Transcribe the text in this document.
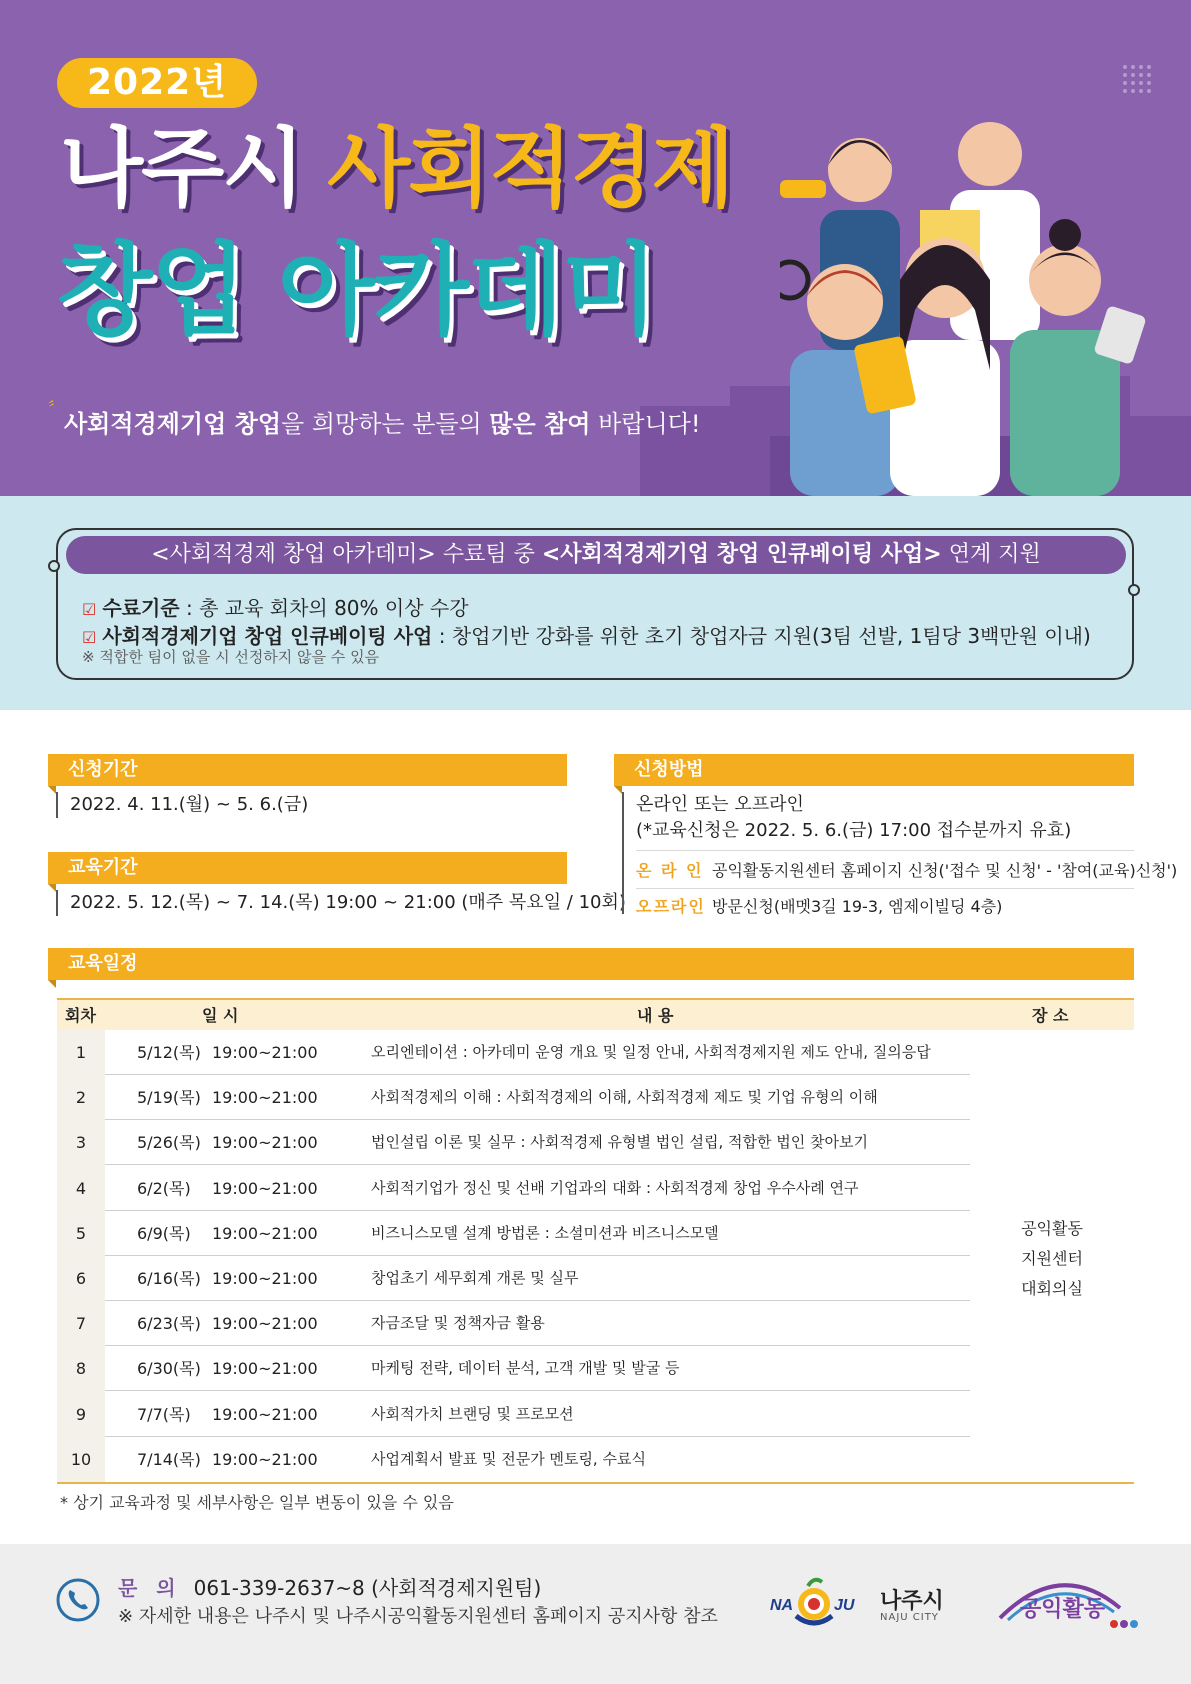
2022년
나주시 사회적경제
창업 아카데미
〞
사회적경제기업 창업을 희망하는 분들의 많은 참여 바랍니다!
<사회적경제 창업 아카데미> 수료팀 중 <사회적경제기업 창업 인큐베이팅 사업> 연계 지원
☑ 수료기준 : 총 교육 회차의 80% 이상 수강
☑ 사회적경제기업 창업 인큐베이팅 사업 : 창업기반 강화를 위한 초기 창업자금 지원(3팀 선발, 1팀당 3백만원 이내)
※ 적합한 팀이 없을 시 선정하지 않을 수 있음
신청기간
2022. 4. 11.(월) ~ 5. 6.(금)
교육기간
2022. 5. 12.(목) ~ 7. 14.(목) 19:00 ~ 21:00 (매주 목요일 / 10회)
신청방법
온라인 또는 오프라인
(*교육신청은 2022. 5. 6.(금) 17:00 접수분까지 유효)
온 라 인 공익활동지원센터 홈페이지 신청('접수 및 신청' - '참여(교육)신청')
오프라인 방문신청(배멧3길 19-3, 엠제이빌딩 4층)
교육일정
회차	일 시	내 용	장 소
1	5/12(목) 19:00~21:00	오리엔테이션 : 아카데미 운영 개요 및 일정 안내, 사회적경제지원 제도 안내, 질의응답
2	5/19(목) 19:00~21:00	사회적경제의 이해 : 사회적경제의 이해, 사회적경제 제도 및 기업 유형의 이해
3	5/26(목) 19:00~21:00	법인설립 이론 및 실무 : 사회적경제 유형별 법인 설립, 적합한 법인 찾아보기
4	6/2(목) 19:00~21:00	사회적기업가 정신 및 선배 기업과의 대화 : 사회적경제 창업 우수사례 연구
5	6/9(목) 19:00~21:00	비즈니스모델 설계 방법론 : 소셜미션과 비즈니스모델
6	6/16(목) 19:00~21:00	창업초기 세무회계 개론 및 실무
7	6/23(목) 19:00~21:00	자금조달 및 정책자금 활용
8	6/30(목) 19:00~21:00	마케팅 전략, 데이터 분석, 고객 개발 및 발굴 등
9	7/7(목) 19:00~21:00	사회적가치 브랜딩 및 프로모션
10	7/14(목) 19:00~21:00	사업계획서 발표 및 전문가 멘토링, 수료식
공익활동
지원센터
대회의실
* 상기 교육과정 및 세부사항은 일부 변동이 있을 수 있음
문 의 061-339-2637~8 (사회적경제지원팀)
※ 자세한 내용은 나주시 및 나주시공익활동지원센터 홈페이지 공지사항 참조
NA	JU 나주시
NAJU CITY	공익활동
